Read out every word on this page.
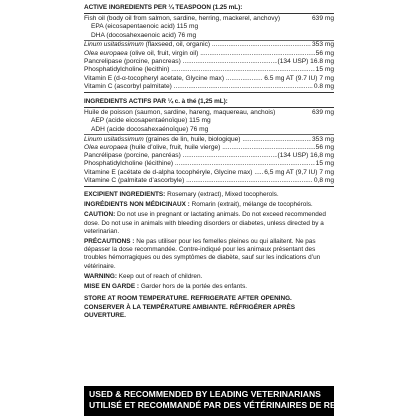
ACTIVE INGREDIENTS PER ¼ TEASPOON (1.25 mL):
Fish oil (body oil from salmon, sardine, herring, mackerel, anchovy)	639 mg
EPA (eicosapentaenoic acid) 115 mg
DHA (docosahexaenoic acid) 76 mg
Linum usitatissimum (flaxseed, oil, organic) .....	353 mg
Olea europaea (olive oil, fruit, virgin oil) .....	56 mg
Pancrelipase (porcine, pancreas) .....	(134 USP) 16.8 mg
Phosphatidylcholine (lecithin) .....	15 mg
Vitamin E (d-α-tocopheryl acetate, Glycine max) .....	6.5 mg AT (9.7 IU) 7 mg
Vitamin C (ascorbyl palmitate) .....	0.8 mg
INGRÉDIENTS ACTIFS PAR ¼ c. à thé (1,25 mL):
Huile de poisson (saumon, sardine, hareng, maquereau, anchois)	639 mg
AEP (acide eicosapentaénoïque) 115 mg
ADH (acide docosahexaénoïque) 76 mg
Linum usitatissimum (graines de lin, huile, biologique) .....	353 mg
Olea europaea (huile d’olive, fruit, huile vierge) .....	56 mg
Pancrélipase (porcine, pancréas) .....	(134 USP) 16,8 mg
Phosphatidylcholine (lécithine) .....	15 mg
Vitamine E (acétate de d-alpha tocophéryle, Glycine max) .....	6,5 mg AT (9,7 IU) 7 mg
Vitamine C (palmitate d’ascorbyle) .....	0,8 mg
EXCIPIENT INGREDIENTS: Rosemary (extract), Mixed tocopherols.
INGRÉDIENTS NON MÉDICINAUX : Romarin (extrait), mélange de tocophérols.
CAUTION: Do not use in pregnant or lactating animals. Do not exceed recommended dose. Do not use in animals with bleeding disorders or diabetes, unless directed by a veterinarian.
PRÉCAUTIONS : Ne pas utiliser pour les femelles pleines ou qui allaitent. Ne pas dépasser la dose recommandée. Contre-indiqué pour les animaux présentant des troubles hémorragiques ou des symptômes de diabète, sauf sur les indications d’un vétérinaire.
WARNING: Keep out of reach of children.
MISE EN GARDE : Garder hors de la portée des enfants.
STORE AT ROOM TEMPERATURE. REFRIGERATE AFTER OPENING.
CONSERVER À LA TEMPÉRATURE AMBIANTE. RÉFRIGÉRER APRÈS OUVERTURE.
USED & RECOMMENDED BY LEADING VETERINARIANS
UTILISÉ ET RECOMMANDÉ PAR DES VÉTÉRINAIRES DE RENOM
